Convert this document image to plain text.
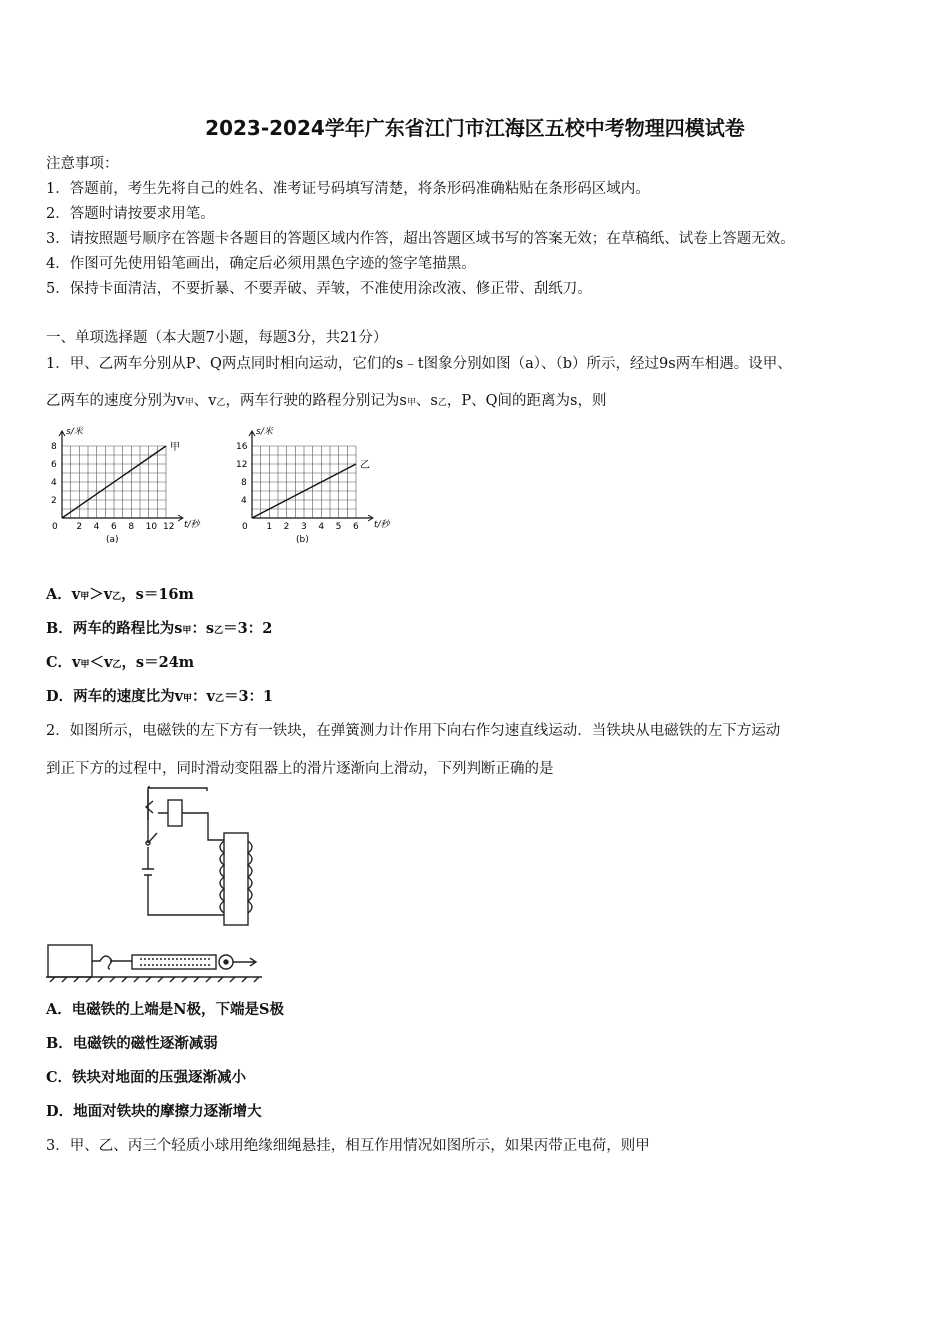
2023-2024学年广东省江门市江海区五校中考物理四模试卷
注意事项：
1．答题前，考生先将自己的姓名、准考证号码填写清楚，将条形码准确粘贴在条形码区域内。
2．答题时请按要求用笔。
3．请按照题号顺序在答题卡各题目的答题区域内作答，超出答题区域书写的答案无效；在草稿纸、试卷上答题无效。
4．作图可先使用铅笔画出，确定后必须用黑色字迹的签字笔描黑。
5．保持卡面清洁，不要折暴、不要弄破、弄皱，不准使用涂改液、修正带、刮纸刀。
一、单项选择题（本大题7小题，每题3分，共21分）
1．甲、乙两车分别从P、Q两点同时相向运动，它们的s﹣t图象分别如图（a）、（b）所示，经过9s两车相遇。设甲、
乙两车的速度分别为v甲、v乙，两车行驶的路程分别记为s甲、s乙，P、Q间的距离为s，则
s/米
t/秒
0 2 4 6 8 10 12
2
4
6
8	甲
(a)
s/米
t/秒
0 1 2 3 4 5 6
4
8
12
16
乙
(b)
A．v甲＞v乙，s＝16m
B．两车的路程比为s甲：s乙＝3：2
C．v甲＜v乙，s＝24m
D．两车的速度比为v甲：v乙＝3：1
2．如图所示，电磁铁的左下方有一铁块，在弹簧测力计作用下向右作匀速直线运动．当铁块从电磁铁的左下方运动
到正下方的过程中，同时滑动变阻器上的滑片逐渐向上滑动，下列判断正确的是
A．电磁铁的上端是N极，下端是S极
B．电磁铁的磁性逐渐减弱
C．铁块对地面的压强逐渐减小
D．地面对铁块的摩擦力逐渐增大
3．甲、乙、丙三个轻质小球用绝缘细绳悬挂，相互作用情况如图所示，如果丙带正电荷，则甲
